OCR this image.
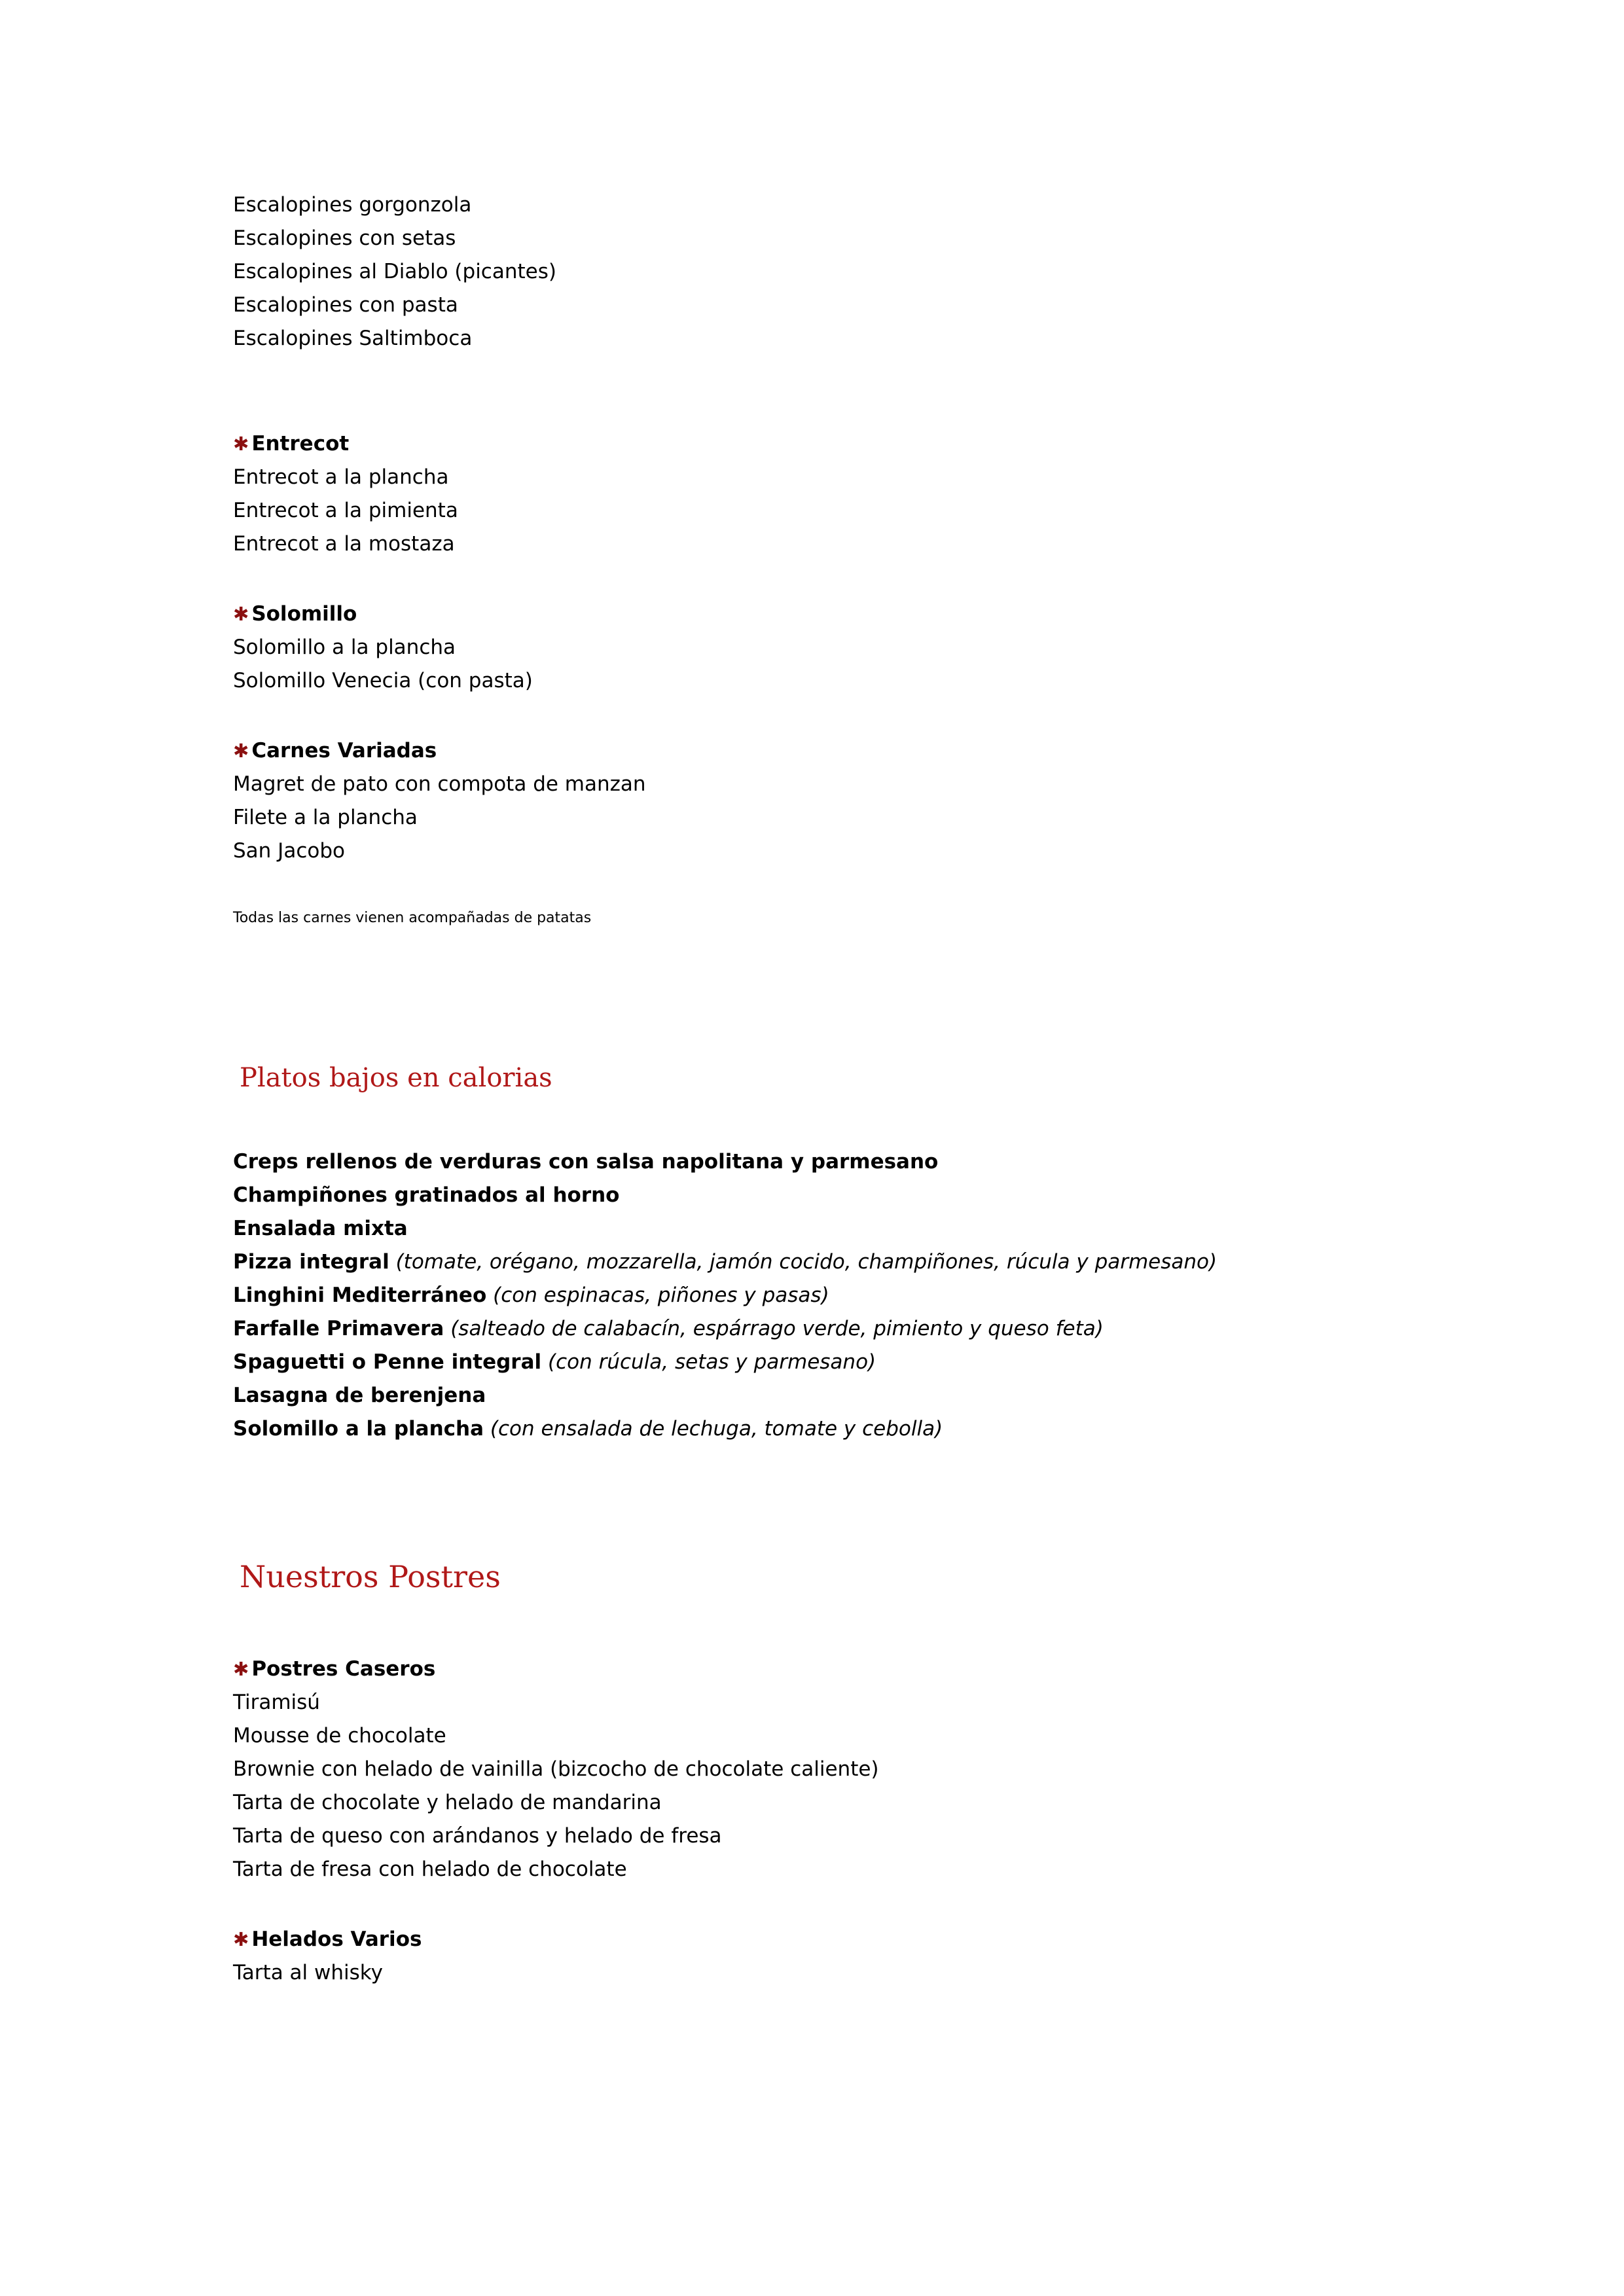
Escalopines gorgonzola
Escalopines con setas
Escalopines al Diablo (picantes)
Escalopines con pasta
Escalopines Saltimboca
✱ Entrecot
Entrecot a la plancha
Entrecot a la pimienta
Entrecot a la mostaza
✱ Solomillo
Solomillo a la plancha
Solomillo Venecia (con pasta)
✱ Carnes Variadas
Magret de pato con compota de manzan
Filete a la plancha
San Jacobo
Todas las carnes vienen acompañadas de patatas
Platos bajos en calorias
Creps rellenos de verduras con salsa napolitana y parmesano
Champiñones gratinados al horno
Ensalada mixta
Pizza integral (tomate, orégano, mozzarella, jamón cocido, champiñones, rúcula y parmesano)
Linghini Mediterráneo (con espinacas, piñones y pasas)
Farfalle Primavera (salteado de calabacín, espárrago verde, pimiento y queso feta)
Spaguetti o Penne integral (con rúcula, setas y parmesano)
Lasagna de berenjena
Solomillo a la plancha (con ensalada de lechuga, tomate y cebolla)
Nuestros Postres
✱ Postres Caseros
Tiramisú
Mousse de chocolate
Brownie con helado de vainilla (bizcocho de chocolate caliente)
Tarta de chocolate y helado de mandarina
Tarta de queso con arándanos y helado de fresa
Tarta de fresa con helado de chocolate
✱ Helados Varios
Tarta al whisky
